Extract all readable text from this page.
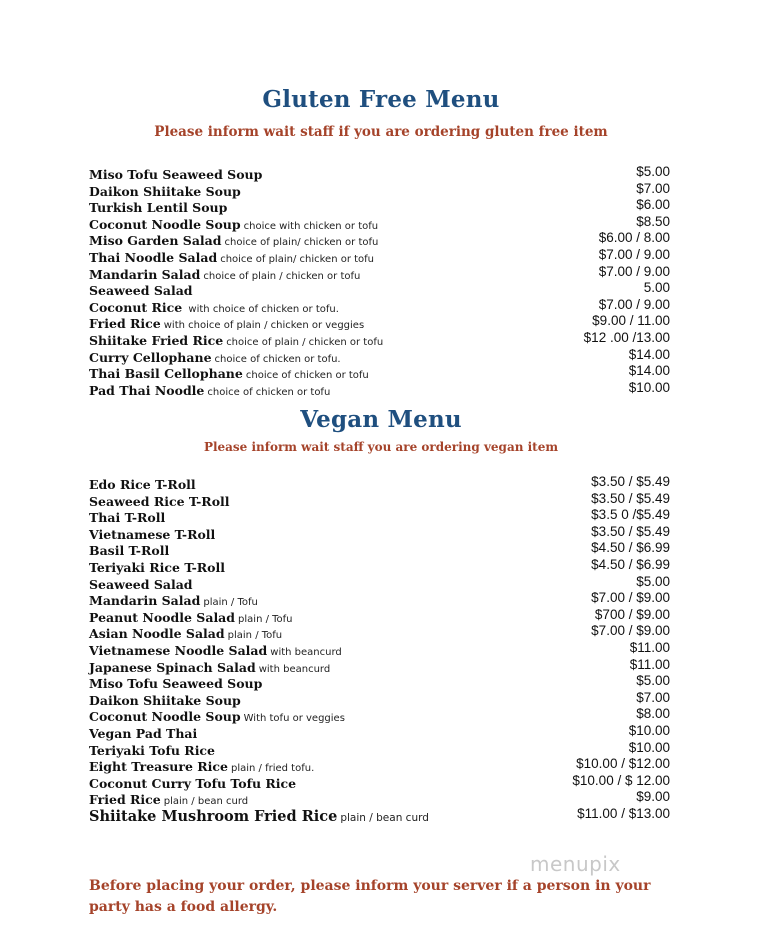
Gluten Free Menu
Please inform wait staff if you are ordering gluten free item
Miso Tofu Seaweed Soup	$5.00
Daikon Shiitake Soup	$7.00
Turkish Lentil Soup	$6.00
Coconut Noodle Soup choice with chicken or tofu	$8.50
Miso Garden Salad choice of plain/ chicken or tofu	$6.00 / 8.00
Thai Noodle Salad choice of plain/ chicken or tofu	$7.00 / 9.00
Mandarin Salad choice of plain / chicken or tofu	$7.00 / 9.00
Seaweed Salad	5.00
Coconut Rice with choice of chicken or tofu.	$7.00 / 9.00
Fried Rice with choice of plain / chicken or veggies	$9.00 / 11.00
Shiitake Fried Rice choice of plain / chicken or tofu	$12 .00 /13.00
Curry Cellophane choice of chicken or tofu.	$14.00
Thai Basil Cellophane choice of chicken or tofu	$14.00
Pad Thai Noodle choice of chicken or tofu	$10.00
Vegan Menu
Please inform wait staff you are ordering vegan item
Edo Rice T-Roll	$3.50 / $5.49
Seaweed Rice T-Roll	$3.50 / $5.49
Thai T-Roll	$3.5 0 /$5.49
Vietnamese T-Roll	$3.50 / $5.49
Basil T-Roll	$4.50 / $6.99
Teriyaki Rice T-Roll	$4.50 / $6.99
Seaweed Salad	$5.00
Mandarin Salad plain / Tofu	$7.00 / $9.00
Peanut Noodle Salad plain / Tofu	$700 / $9.00
Asian Noodle Salad plain / Tofu	$7.00 / $9.00
Vietnamese Noodle Salad with beancurd	$11.00
Japanese Spinach Salad with beancurd	$11.00
Miso Tofu Seaweed Soup	$5.00
Daikon Shiitake Soup	$7.00
Coconut Noodle Soup With tofu or veggies	$8.00
Vegan Pad Thai	$10.00
Teriyaki Tofu Rice	$10.00
Eight Treasure Rice plain / fried tofu.	$10.00 / $12.00
Coconut Curry Tofu Tofu Rice	$10.00 / $ 12.00
Fried Rice plain / bean curd	$9.00
Shiitake Mushroom Fried Rice plain / bean curd	$11.00 / $13.00
Before placing your order, please inform your server if a person in your
party has a food allergy.
menupix
